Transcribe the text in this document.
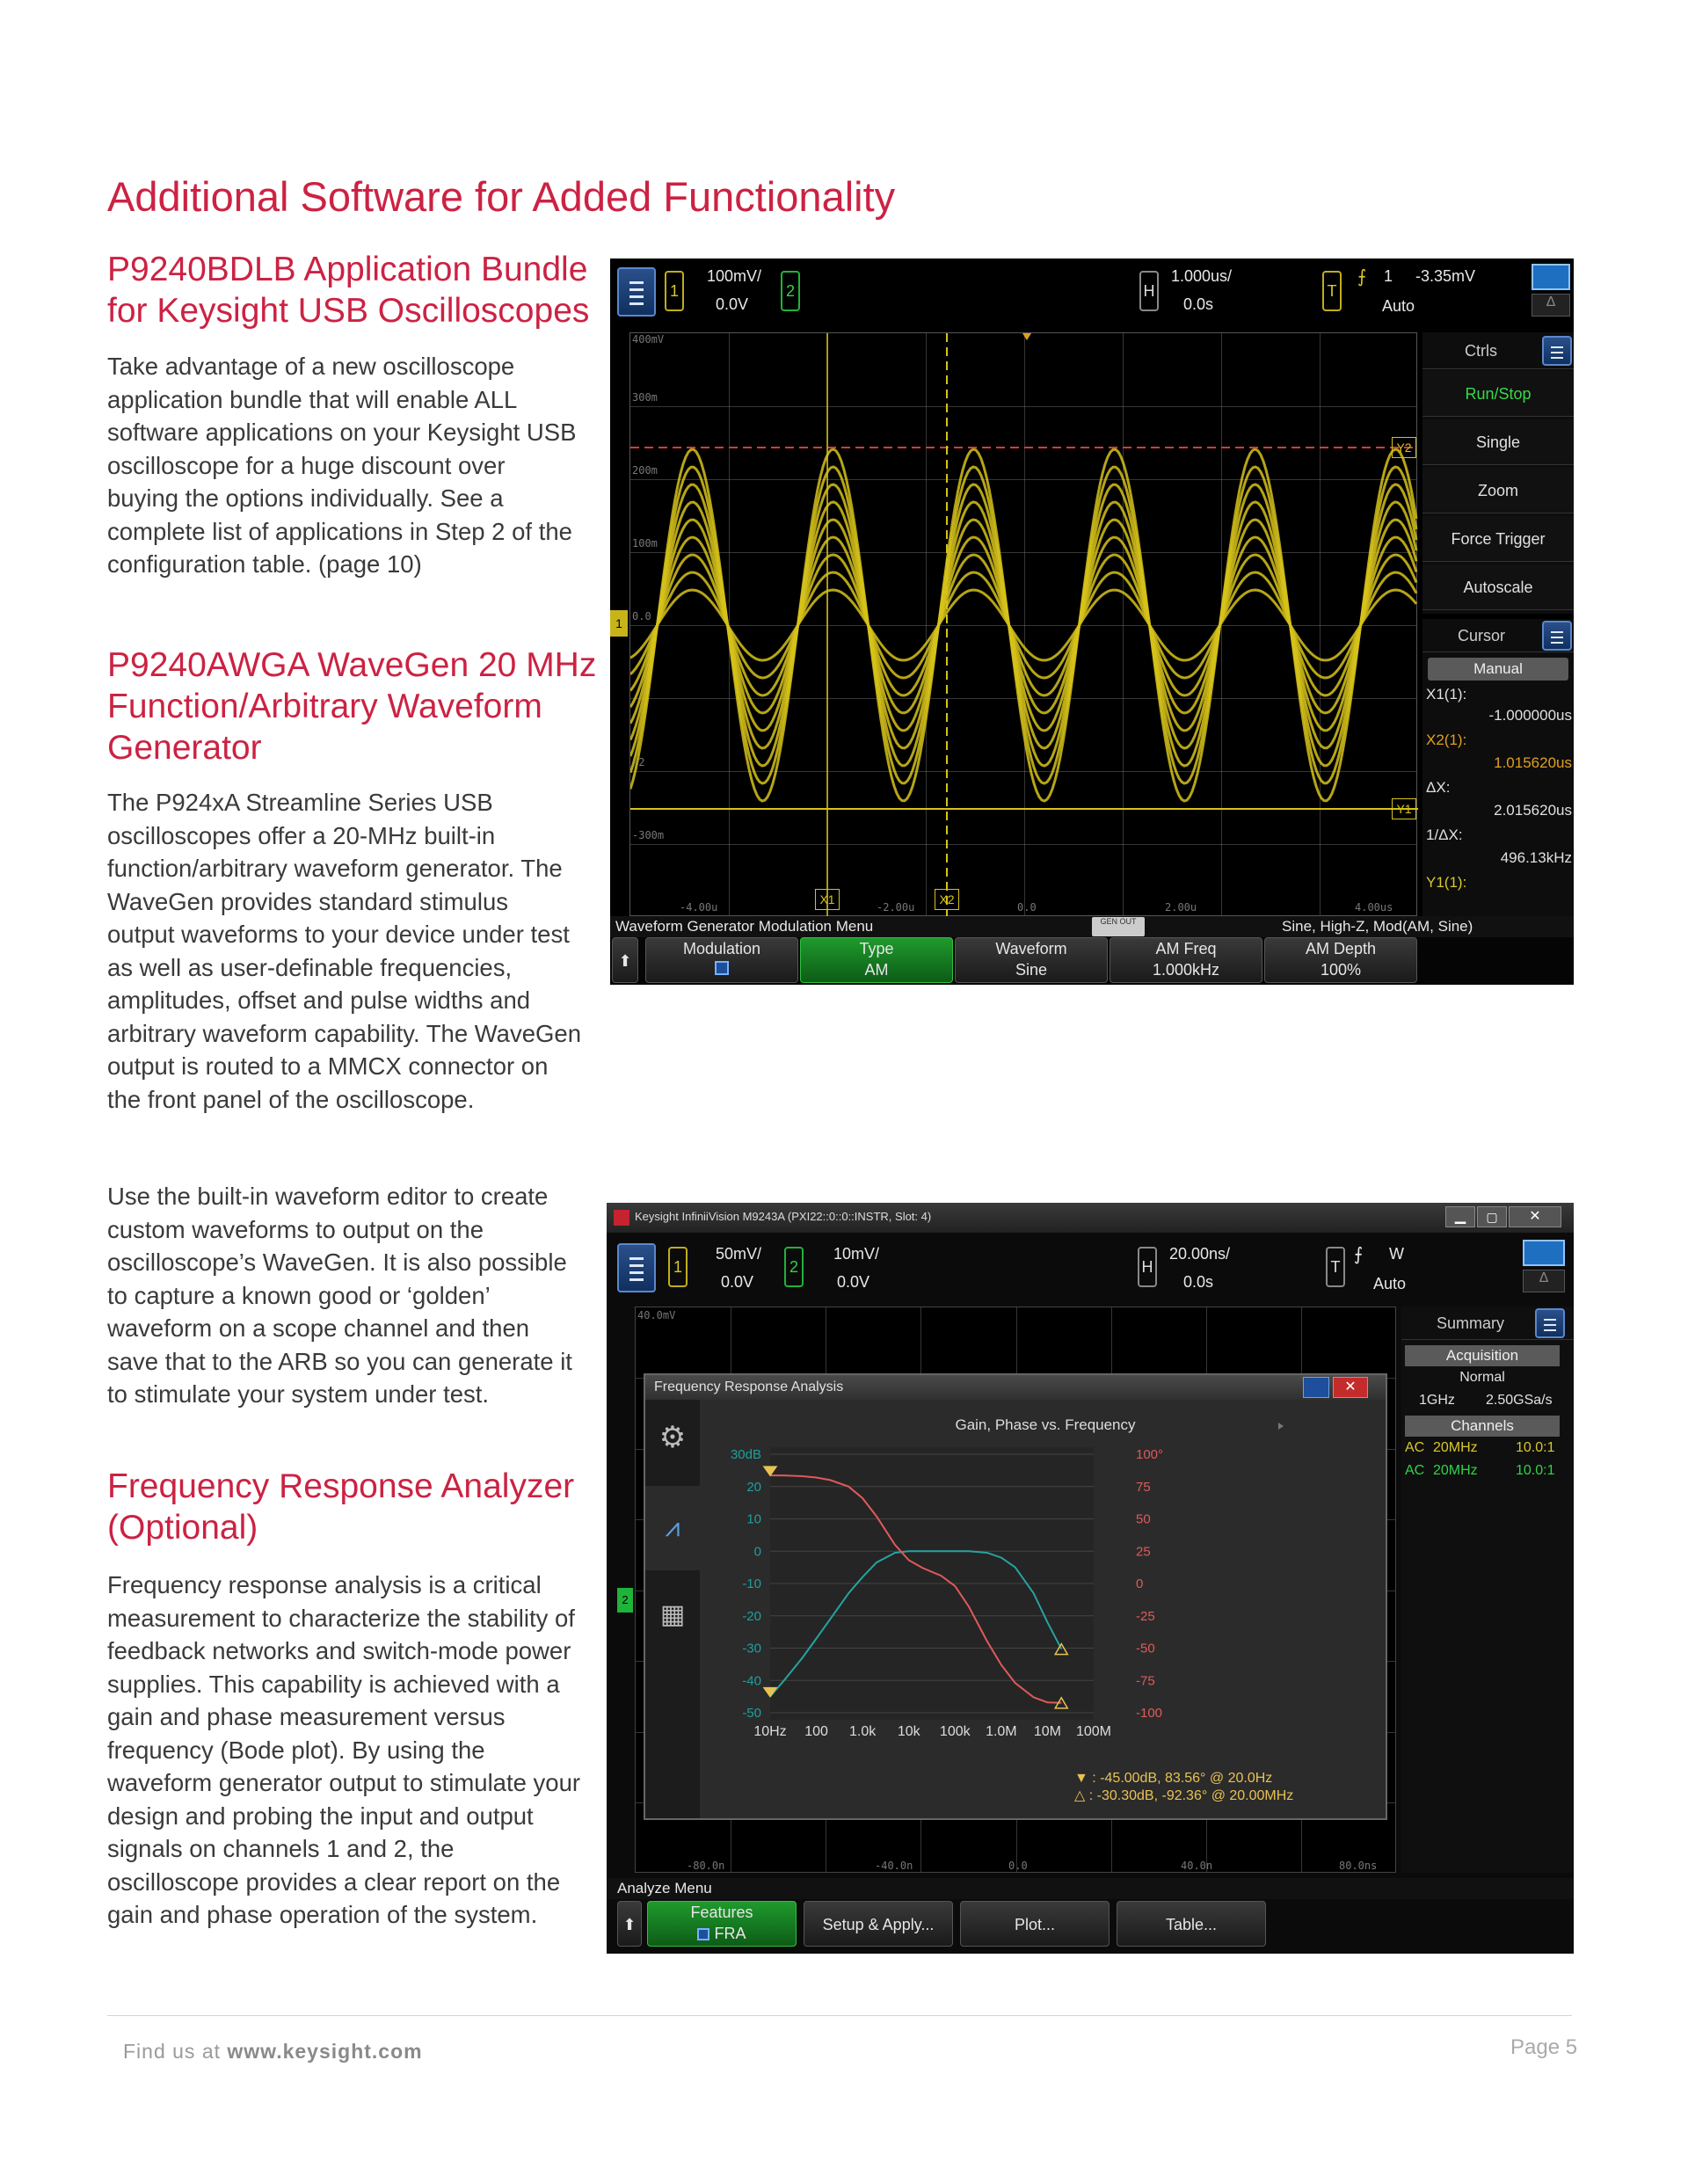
Additional Software for Added Functionality
P9240BDLB Application Bundle for Keysight USB Oscilloscopes
Take advantage of a new oscilloscope application bundle that will enable ALL software applications on your Keysight USB oscilloscope for a huge discount over buying the options individually. See a complete list of applications in Step 2 of the configuration table. (page 10)
P9240AWGA WaveGen 20 MHz Function/Arbitrary Waveform Generator
The P924xA Streamline Series USB oscilloscopes offer a 20-MHz built-in function/arbitrary waveform generator. The WaveGen provides standard stimulus output waveforms to your device under test as well as user-definable frequencies, amplitudes, offset and pulse widths and arbitrary waveform capability. The WaveGen output is routed to a MMCX connector on the front panel of the oscilloscope.
Use the built-in waveform editor to create custom waveforms to output on the oscilloscope’s WaveGen. It is also possible to capture a known good or ‘golden’ waveform on a scope channel and then save that to the ARB so you can generate it to stimulate your system under test.
Frequency Response Analyzer (Optional)
Frequency response analysis is a critical measurement to characterize the stability of feedback networks and switch-mode power supplies. This capability is achieved with a gain and phase measurement versus frequency (Bode plot). By using the waveform generator output to stimulate your design and probing the input and output signals on channels 1 and 2, the oscilloscope provides a clear report on the gain and phase operation of the system.
1
100mV/
0.0V
2	H
1.000us/
0.0s
T
⨍ 1 -3.35mV
Auto	∆
400mV
300m
200m
100m
0.0
-2
-300m
-4.00u	-2.00u	0.0	2.00u	4.00us
X2
X1
Y2
Y1
1
Ctrls
Run/Stop
Single
Zoom
Force Trigger
Autoscale
Cursor
Manual
X1(1):
-1.000000us
X2(1):
1.015620us
ΔX:
2.015620us
1/ΔX:
496.13kHz
Y1(1):
Waveform Generator Modulation Menu	GEN OUT	Sine, High-Z, Mod(AM, Sine)
⬆
Modulation	Type
AM
Waveform
Sine
AM Freq
1.000kHz
AM Depth
100%
Keysight InfiniiVision M9243A (PXI22::0::0::INSTR, Slot: 4)	▁	▢	✕
1
50mV/
0.0V
2
10mV/
0.0V
H
20.00ns/
0.0s
T
⨍ W
Auto	∆
40.0mV
-80.0n	-40.0n	0.0	40.0n	80.0ns
2
Summary
Acquisition
Normal
1GHz 2.50GSa/s
Channels
AC 20MHz	10.0:1
AC 20MHz	10.0:1
Frequency Response Analysis	✕
⚙
⩘
▦
Gain, Phase vs. Frequency
30dB
20
10
0
-10
-20
-30
-40
-50
100°
75
50
25
0
-25
-50
-75
-100
10Hz 100 1.0k 10k 100k 1.0M 10M 100M
▼ : -45.00dB, 83.56° @ 20.0Hz
△ : -30.30dB, -92.36° @ 20.00MHz
Analyze Menu
⬆
Features
FRA	Setup & Apply...	Plot...	Table...
Find us at www.keysight.com	Page 5
